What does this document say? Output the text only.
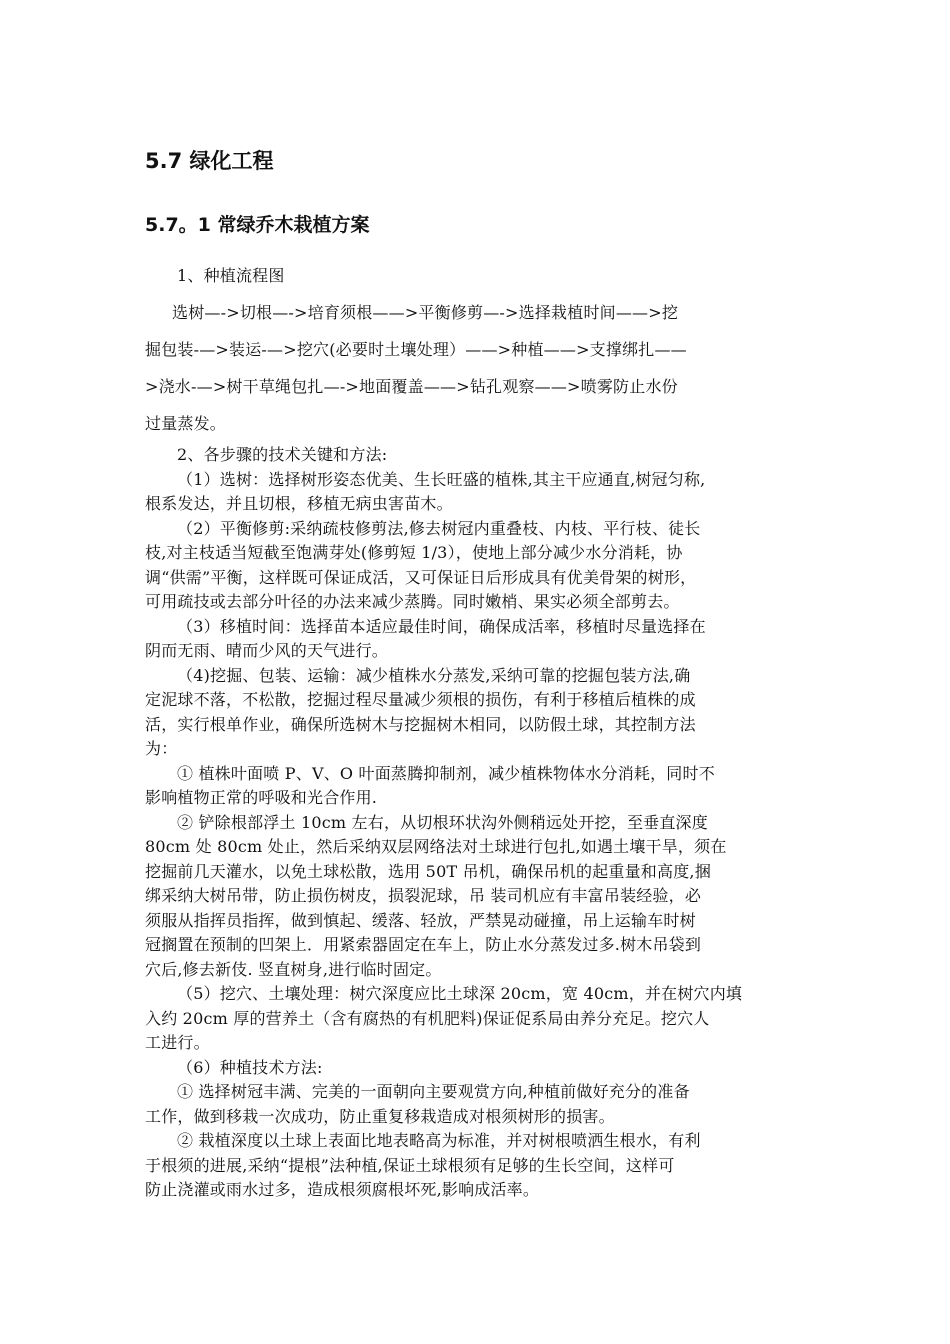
5.7 绿化工程
5.7。1 常绿乔木栽植方案
1、种植流程图
选树—->切根—->培育须根——>平衡修剪—->选择栽植时间——>挖
掘包装-—>装运-—>挖穴(必要时土壤处理）——>种植——>支撑绑扎——
>浇水-—>树干草绳包扎—->地面覆盖——>钻孔观察——>喷雾防止水份
过量蒸发。
2、各步骤的技术关键和方法:
（1）选树：选择树形姿态优美、生长旺盛的植株,其主干应通直,树冠匀称,
根系发达，并且切根，移植无病虫害苗木。
（2）平衡修剪:采纳疏枝修剪法,修去树冠内重叠枝、内枝、平行枝、徒长
枝,对主枝适当短截至饱满芽处(修剪短 1/3），使地上部分减少水分消耗，协
调“供需”平衡，这样既可保证成活，又可保证日后形成具有优美骨架的树形，
可用疏技或去部分叶径的办法来减少蒸腾。同时嫩梢、果实必须全部剪去。
（3）移植时间：选择苗本适应最佳时间，确保成活率，移植时尽量选择在
阴而无雨、晴而少风的天气进行。
（4)挖掘、包装、运输：减少植株水分蒸发,采纳可靠的挖掘包装方法,确
定泥球不落，不松散，挖掘过程尽量减少须根的损伤，有利于移植后植株的成
活，实行根单作业，确保所选树木与挖掘树木相同，以防假土球，其控制方法
为：
① 植株叶面喷 P、V、O 叶面蒸腾抑制剂，减少植株物体水分消耗，同时不
影响植物正常的呼吸和光合作用.
② 铲除根部浮土 10cm 左右，从切根环状沟外侧稍远处开挖，至垂直深度
80cm 处 80cm 处止，然后采纳双层网络法对土球进行包扎,如遇土壤干旱，须在
挖掘前几天灌水，以免土球松散，选用 50T 吊机，确保吊机的起重量和高度,捆
绑采纳大树吊带，防止损伤树皮，损裂泥球，吊 装司机应有丰富吊装经验，必
须服从指挥员指挥，做到慎起、缓落、轻放，严禁晃动碰撞，吊上运输车时树
冠搁置在预制的凹架上．用紧索器固定在车上，防止水分蒸发过多.树木吊袋到
穴后,修去新伎. 竖直树身,进行临时固定。
（5）挖穴、土壤处理：树穴深度应比土球深 20cm，宽 40cm，并在树穴内填
入约 20cm 厚的营养土（含有腐热的有机肥料)保证促系局由养分充足。挖穴人
工进行。
（6）种植技术方法:
① 选择树冠丰满、完美的一面朝向主要观赏方向,种植前做好充分的准备
工作，做到移栽一次成功，防止重复移栽造成对根须树形的损害。
② 栽植深度以土球上表面比地表略高为标准，并对树根喷洒生根水，有利
于根须的进展,采纳“提根”法种植,保证土球根须有足够的生长空间，这样可
防止浇灌或雨水过多，造成根须腐根坏死,影响成活率。
